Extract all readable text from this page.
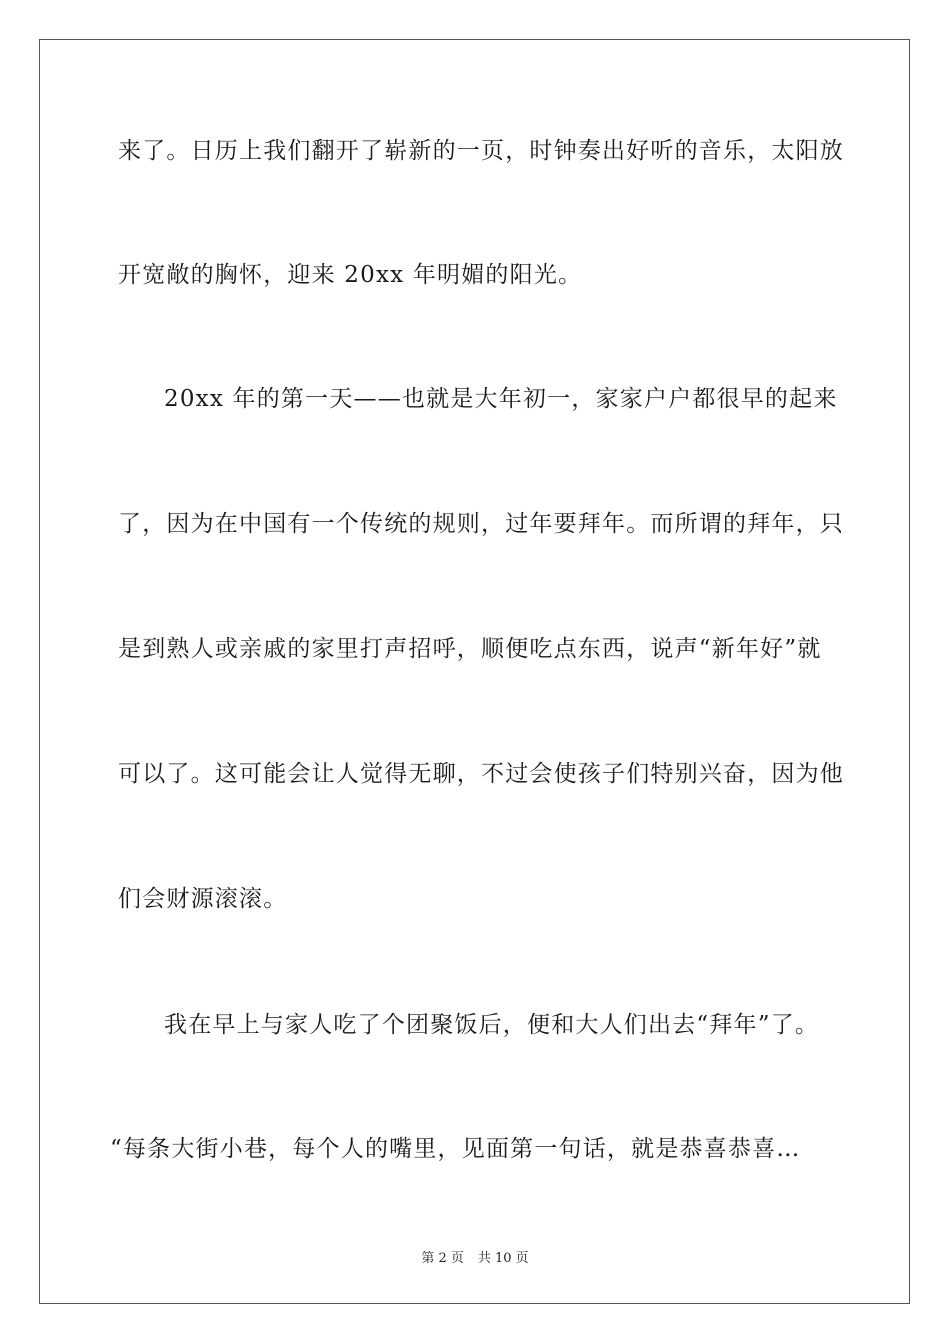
来了。日历上我们翻开了崭新的一页，时钟奏出好听的音乐，太阳放
开宽敞的胸怀，迎来 20xx 年明媚的阳光。
20xx 年的第一天——也就是大年初一，家家户户都很早的起来
了，因为在中国有一个传统的规则，过年要拜年。而所谓的拜年，只
是到熟人或亲戚的家里打声招呼，顺便吃点东西，说声“新年好”就
可以了。这可能会让人觉得无聊，不过会使孩子们特别兴奋，因为他
们会财源滚滚。
我在早上与家人吃了个团聚饭后，便和大人们出去“拜年”了。
“每条大街小巷，每个人的嘴里，见面第一句话，就是恭喜恭喜…
第 2 页 共 10 页
